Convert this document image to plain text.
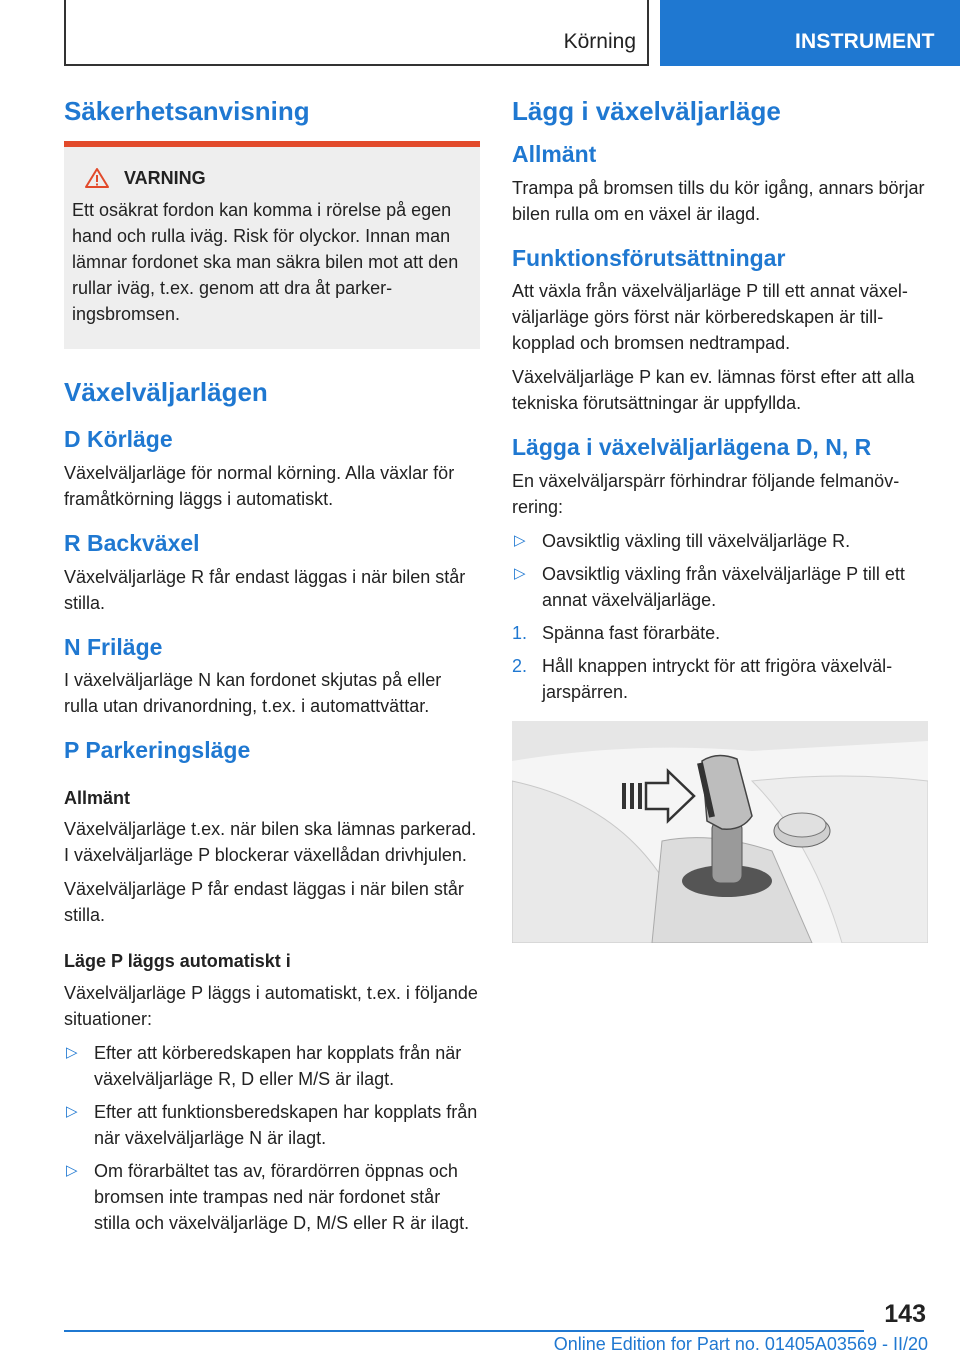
Körning	INSTRUMENT
Säkerhetsanvisning
VARNING

Ett osäkrat fordon kan komma i rörelse på egen hand och rulla iväg. Risk för olyckor. Innan man lämnar fordonet ska man säkra bilen mot att den rullar iväg, t.ex. genom att dra åt parkeringsbromsen.

Växelväljarlägen
D Körläge

Växelväljarläge för normal körning. Alla växlar för framåtkörning läggs i automatiskt.

R Backväxel

Växelväljarläge R får endast läggas i när bilen står stilla.

N Friläge

I växelväljarläge N kan fordonet skjutas på eller rulla utan drivanordning, t.ex. i automattvättar.

P Parkeringsläge
Allmänt

Växelväljarläge t.ex. när bilen ska lämnas parkerad. I växelväljarläge P blockerar växellådan drivhjulen.

Växelväljarläge P får endast läggas i när bilen står stilla.

Läge P läggs automatiskt i

Växelväljarläge P läggs i automatiskt, t.ex. i följande situationer:

▷ Efter att körberedskapen har kopplats från när växelväljarläge R, D eller M/S är ilagt.
▷ Efter att funktionsberedskapen har kopplats från när växelväljarläge N är ilagt.
▷ Om förarbältet tas av, förardörren öppnas och bromsen inte trampas ned när fordonet står stilla och växelväljarläge D, M/S eller R är ilagt.
Lägg i växelväljarläge
Allmänt

Trampa på bromsen tills du kör igång, annars börjar bilen rulla om en växel är ilagd.

Funktionsförutsättningar

Att växla från växelväljarläge P till ett annat växelväljarläge görs först när körberedskapen är tillkopplad och bromsen nedtrampad.

Växelväljarläge P kan ev. lämnas först efter att alla tekniska förutsättningar är uppfyllda.

Lägga i växelväljarlägena D, N, R

En växelväljarspärr förhindrar följande felmanövrering:

▷ Oavsiktlig växling till växelväljarläge R.
▷ Oavsiktlig växling från växelväljarläge P till ett annat växelväljarläge.
1. Spänna fast förarbäte.
2. Håll knappen intryckt för att frigöra växelväljarspärren.
143
Online Edition for Part no. 01405A03569 - II/20
